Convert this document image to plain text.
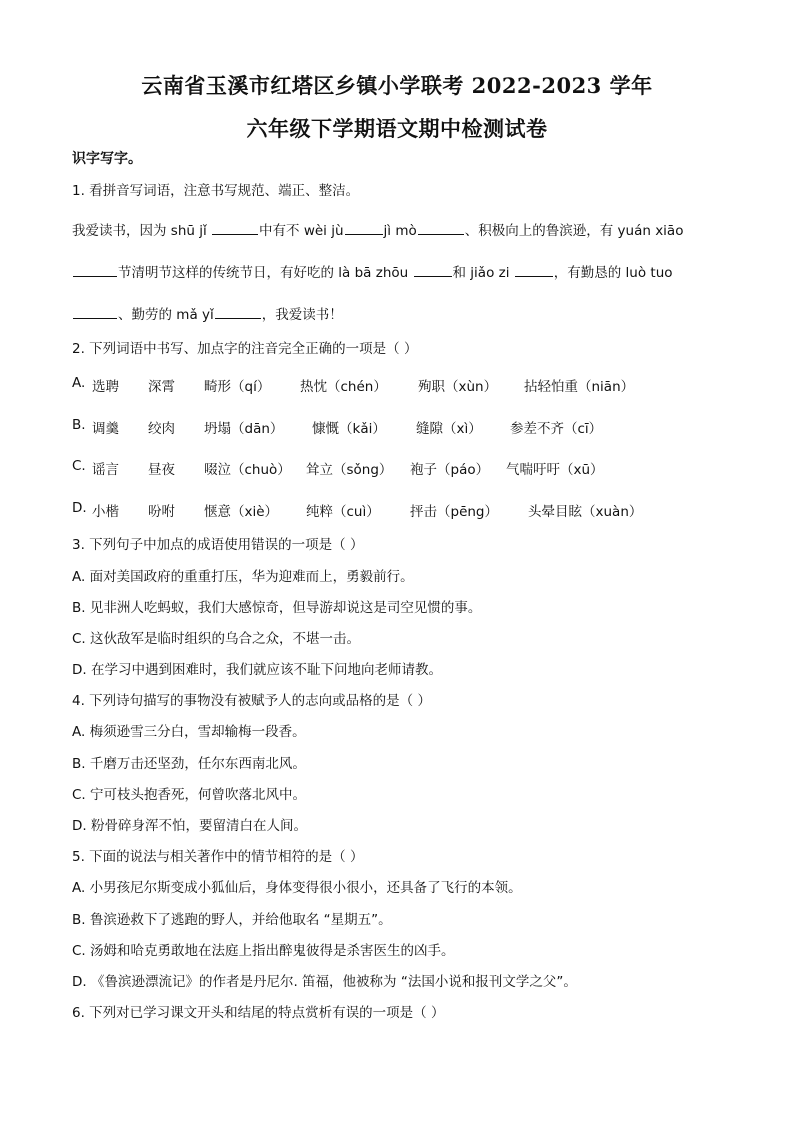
云南省玉溪市红塔区乡镇小学联考 2022-2023 学年
六年级下学期语文期中检测试卷
识字写字。
1. 看拼音写词语，注意书写规范、端正、整洁。
我爱读书，因为 shū jǐ	中有不 wèi jù	jì mò	、积极向上的鲁滨逊，有 yuán xiāo
节清明节这样的传统节日，有好吃的 là bā zhōu	和 jiǎo zi	，有勤恳的 luò tuo
、勤劳的 mǎ yǐ	，我爱读书！
2. 下列词语中书写、加点字的注音完全正确的一项是（ ）
A. 选聘 深霄 畸形（qí） 热忱（chén） 殉职（xùn） 拈轻怕重（niān）
B. 调羹 绞肉 坍塌（dān） 慷慨（kǎi） 缝隙（xì） 参差不齐（cī）
C. 谣言 昼夜 啜泣（chuò） 耸立（sǒng） 袍子（páo） 气喘吁吁（xū）
D. 小楷 吩咐 惬意（xiè） 纯粹（cuì） 抨击（pēng） 头晕目眩（xuàn）
3. 下列句子中加点的成语使用错误的一项是（ ）
A. 面对美国政府的重重打压，华为迎难而上，勇毅前行。
B. 见非洲人吃蚂蚁，我们大感惊奇，但导游却说这是司空见惯的事。
C. 这伙敌军是临时组织的乌合之众，不堪一击。
D. 在学习中遇到困难时，我们就应该不耻下问地向老师请教。
4. 下列诗句描写的事物没有被赋予人的志向或品格的是（ ）
A. 梅须逊雪三分白，雪却输梅一段香。
B. 千磨万击还坚劲，任尔东西南北风。
C. 宁可枝头抱香死，何曾吹落北风中。
D. 粉骨碎身浑不怕，要留清白在人间。
5. 下面的说法与相关著作中的情节相符的是（ ）
A. 小男孩尼尔斯变成小狐仙后，身体变得很小很小，还具备了飞行的本领。
B. 鲁滨逊救下了逃跑的野人，并给他取名 “星期五”。
C. 汤姆和哈克勇敢地在法庭上指出醉鬼彼得是杀害医生的凶手。
D. 《鲁滨逊漂流记》的作者是丹尼尔. 笛福，他被称为 “法国小说和报刊文学之父”。
6. 下列对已学习课文开头和结尾的特点赏析有误的一项是（ ）
